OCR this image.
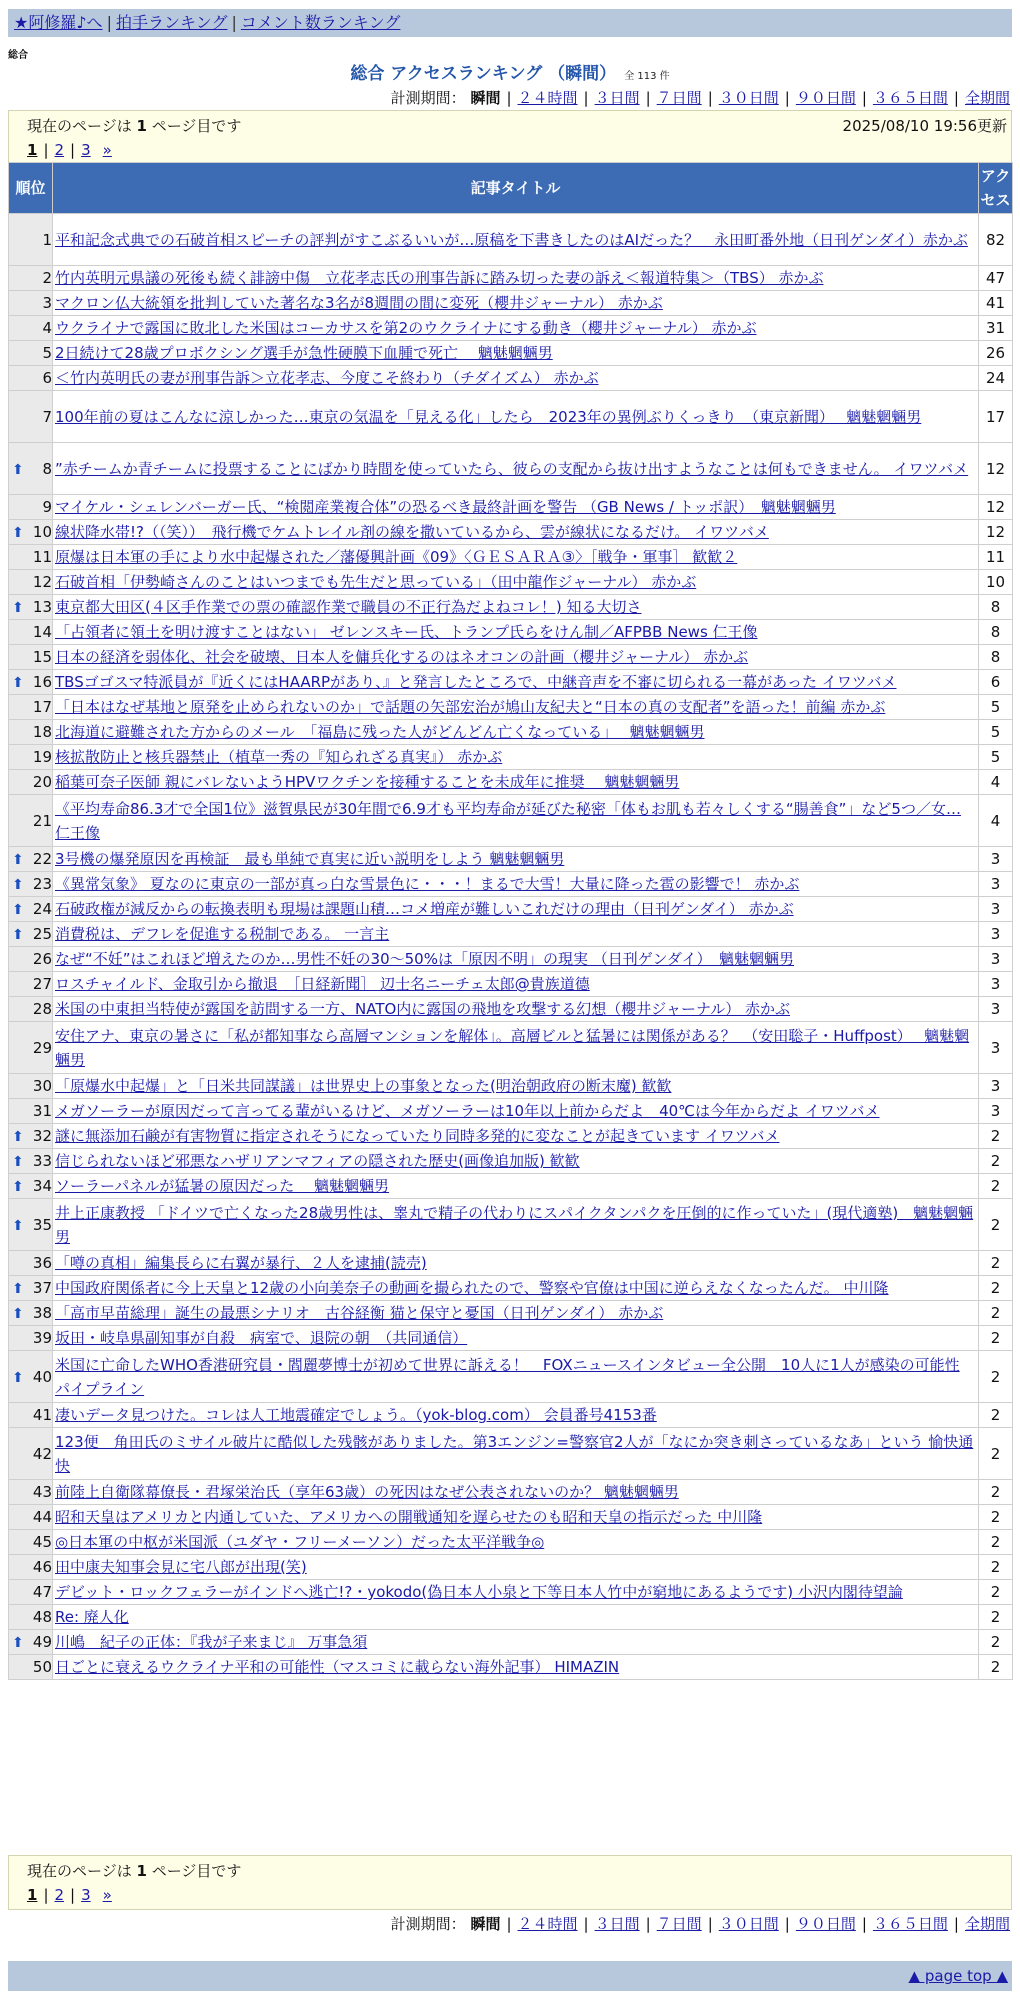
★阿修羅♪へ | 拍手ランキング | コメント数ランキング
総合
総合 アクセスランキング （瞬間） 全 113 件
計測期間： 瞬間 | ２４時間 | ３日間 | ７日間 | ３０日間 | ９０日間 | ３６５日間 | 全期間
現在のページは 1 ページ目です	2025/08/10 19:56更新
1 | 2 | 3 »
順位	記事タイトル	アクセス
1	平和記念式典での石破首相スピーチの評判がすこぶるいいが…原稿を下書きしたのはAIだった？　永田町番外地（日刊ゲンダイ）赤かぶ	82
2	竹内英明元県議の死後も続く誹謗中傷　立花孝志氏の刑事告訴に踏み切った妻の訴え＜報道特集＞（TBS） 赤かぶ	47
3	マクロン仏大統領を批判していた著名な3名が8週間の間に変死（櫻井ジャーナル） 赤かぶ	41
4	ウクライナで露国に敗北した米国はコーカサスを第2のウクライナにする動き（櫻井ジャーナル） 赤かぶ	31
5	2日続けて28歳プロボクシング選手が急性硬膜下血腫で死亡　 魑魅魍魎男	26
6	＜竹内英明氏の妻が刑事告訴＞立花孝志、今度こそ終わり（チダイズム） 赤かぶ	24
7	100年前の夏はこんなに涼しかった…東京の気温を「見える化」したら　2023年の異例ぶりくっきり　（東京新聞）　 魑魅魍魎男	17

⬆ 8	”赤チームか青チームに投票することにばかり時間を使っていたら、彼らの支配から抜け出すようなことは何もできません。 イワツバメ	12
9	マイケル・シェレンバーガー氏、“検閲産業複合体”の恐るべき最終計画を警告 （GB News / トッポ訳）　魑魅魍魎男	12

⬆ 10	線状降水帯!?（（笑））　飛行機でケムトレイル剤の線を撒いているから、雲が線状になるだけ。 イワツバメ	12
11	原爆は日本軍の手により水中起爆された／藩優興計画《09》〈ＧＥＳＡＲＡ③〉［戦争・軍事］ 歓歓２	11
12	石破首相「伊勢崎さんのことはいつまでも先生だと思っている」（田中龍作ジャーナル） 赤かぶ	10

⬆ 13	東京都大田区(４区手作業での票の確認作業で職員の不正行為だよねコレ！) 知る大切さ	8
14	「占領者に領土を明け渡すことはない」 ゼレンスキー氏、トランプ氏らをけん制／AFPBB News 仁王像	8
15	日本の経済を弱体化、社会を破壊、日本人を傭兵化するのはネオコンの計画（櫻井ジャーナル） 赤かぶ	8

⬆ 16	TBSゴゴスマ特派員が『近くにはHAARPがあり、』と発言したところで、中継音声を不審に切られる一幕があった イワツバメ	6
17	「日本はなぜ基地と原発を止められないのか」で話題の矢部宏治が鳩山友紀夫と“日本の真の支配者”を語った！前編 赤かぶ	5
18	北海道に避難された方からのメール　「福島に残った人がどんどん亡くなっている」　 魑魅魍魎男	5
19	核拡散防止と核兵器禁止（植草一秀の『知られざる真実』） 赤かぶ	5
20	稲葉可奈子医師 親にバレないようHPVワクチンを接種することを未成年に推奨　 魑魅魍魎男	4
21	《平均寿命86.3才で全国1位》滋賀県民が30年間で6.9才も平均寿命が延びた秘密「体もお肌も若々しくする“腸善食”」など5つ／女… 仁王像	4

⬆ 22	3号機の爆発原因を再検証　最も単純で真実に近い説明をしよう 魑魅魍魎男	3

⬆ 23	《異常気象》 夏なのに東京の一部が真っ白な雪景色に・・・！まるで大雪！大量に降った雹の影響で！ 赤かぶ	3

⬆ 24	石破政権が減反からの転換表明も現場は課題山積…コメ増産が難しいこれだけの理由（日刊ゲンダイ） 赤かぶ	3

⬆ 25	消費税は、デフレを促進する税制である。 一言主	3
26	なぜ“不妊”はこれほど増えたのか…男性不妊の30～50%は「原因不明」の現実 （日刊ゲンダイ）　魑魅魍魎男	3
27	ロスチャイルド、金取引から撤退　［日経新聞］ 辺士名ニーチェ太郎@貴族道德	3
28	米国の中東担当特使が露国を訪問する一方、NATO内に露国の飛地を攻撃する幻想（櫻井ジャーナル） 赤かぶ	3
29	安住アナ、東京の暑さに「私が都知事なら高層マンションを解体」。高層ビルと猛暑には関係がある？　（安田聡子・Huffpost）　 魑魅魍魎男	3
30	「原爆水中起爆」と「日米共同謀議」は世界史上の事象となった(明治朝政府の断末魔) 歓歓	3
31	メガソーラーが原因だって言ってる輩がいるけど、メガソーラーは10年以上前からだよ　40℃は今年からだよ イワツバメ	3

⬆ 32	謎に無添加石鹸が有害物質に指定されそうになっていたり同時多発的に変なことが起きています イワツバメ	2

⬆ 33	信じられないほど邪悪なハザリアンマフィアの隠された歴史(画像追加版) 歓歓	2

⬆ 34	ソーラーパネルが猛暑の原因だった　 魑魅魍魎男	2

⬆ 35	井上正康教授 「ドイツで亡くなった28歳男性は、睾丸で精子の代わりにスパイクタンパクを圧倒的に作っていた」(現代適塾)　魑魅魍魎男	2
36	「噂の真相」編集長らに右翼が暴行、２人を逮捕(読売)	2

⬆ 37	中国政府関係者に今上天皇と12歳の小向美奈子の動画を撮られたので、警察や官僚は中国に逆らえなくなったんだ。 中川隆	2

⬆ 38	「高市早苗総理」誕生の最悪シナリオ　古谷経衡 猫と保守と憂国（日刊ゲンダイ） 赤かぶ	2
39	坂田・岐阜県副知事が自殺　病室で、退院の朝　（共同通信）	2

⬆ 40	米国に亡命したWHO香港研究員・閻麗夢博士が初めて世界に訴える！　FOXニュースインタビュー全公開　10人に1人が感染の可能性 パイプライン	2
41	凄いデータ見つけた。コレは人工地震確定でしょう。（yok-blog.com） 会員番号4153番	2
42	123便　角田氏のミサイル破片に酷似した残骸がありました。第3エンジン=警察官2人が「なにか突き刺さっているなあ」という 愉快通快	2
43	前陸上自衛隊幕僚長・君塚栄治氏（享年63歳）の死因はなぜ公表されないのか？ 魑魅魍魎男	2
44	昭和天皇はアメリカと内通していた、アメリカへの開戦通知を遅らせたのも昭和天皇の指示だった 中川隆	2
45	◎日本軍の中枢が米国派（ユダヤ・フリーメーソン）だった太平洋戦争◎	2
46	田中康夫知事会見に宅八郎が出現(笑)	2
47	デビット・ロックフェラーがインドへ逃亡!?・yokodo(偽日本人小泉と下等日本人竹中が窮地にあるようです) 小沢内閣待望論	2
48	Re: 廃人化	2

⬆ 49	川嶋　紀子の正体：『我が子来まじ』 万事急須	2
50	日ごとに衰えるウクライナ平和の可能性（マスコミに載らない海外記事） HIMAZIN	2
現在のページは 1 ページ目です
1 | 2 | 3 »
計測期間： 瞬間 | ２４時間 | ３日間 | ７日間 | ３０日間 | ９０日間 | ３６５日間 | 全期間
▲ page top ▲
